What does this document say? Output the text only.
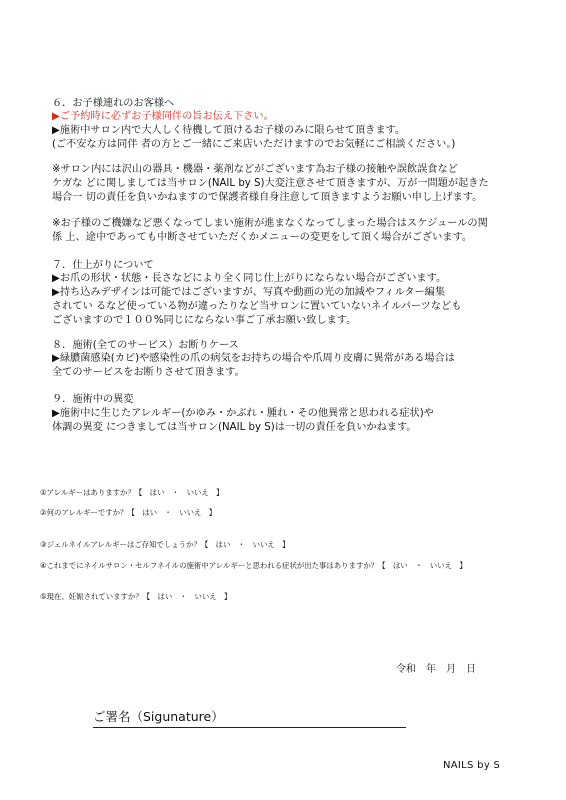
６．お子様連れのお客様へ
▶ご予約時に必ずお子様同伴の旨お伝え下さい。
▶施術中サロン内で大人しく待機して頂けるお子様のみに限らせて頂きます。
(ご不安な方は同伴 者の方とご一緒にご来店いただけますのでお気軽にご相談ください。)
※サロン内には沢山の器具・機器・薬剤などがございます為お子様の接触や誤飲誤食など
ケガな どに関しましては当サロン(NAIL by S)大変注意させて頂きますが、万が一問題が起きた
場合一 切の責任を負いかねますので保護者様自身注意して頂きますようお願い申し上げます。
※お子様のご機嫌など悪くなってしまい施術が進まなくなってしまった場合はスケジュールの関
係 上、途中であっても中断させていただくかメニューの変更をして頂く場合がございます。
７．仕上がりについて
▶お爪の形状・状態・長さなどにより全く同じ仕上がりにならない場合がございます。
▶持ち込みデザインは可能ではございますが、写真や動画の光の加減やフィルター編集
されてい るなど使っている物が違ったりなど当サロンに置いていないネイルパーツなども
ございますので１００%同じにならない事ご了承お願い致します。
８．施術(全てのサービス）お断りケース
▶緑膿菌感染(カビ)や感染性の爪の病気をお持ちの場合や爪周り皮膚に異常がある場合は
全てのサービスをお断りさせて頂きます。
９．施術中の異変
▶施術中に生じたアレルギー(かゆみ・かぶれ・腫れ・その他異常と思われる症状)や
体調の異変 につきましては当サロン(NAIL by S)は一切の責任を負いかねます。
①アレルギーはありますか？【　はい　・　いいえ　】
②何のアレルギーですか？【　はい　・　いいえ　】
③ジェルネイルアレルギーはご存知でしょうか？【　はい　・　いいえ　】
④これまでにネイルサロン・セルフネイルの施術中アレルギーと思われる症状が出た事はありますか？【　はい　・　いいえ　】
⑤現在、妊娠されていますか？【　はい　・　いいえ　】
令和　年　月　日
ご署名（Sigunature）
NAILS by S
